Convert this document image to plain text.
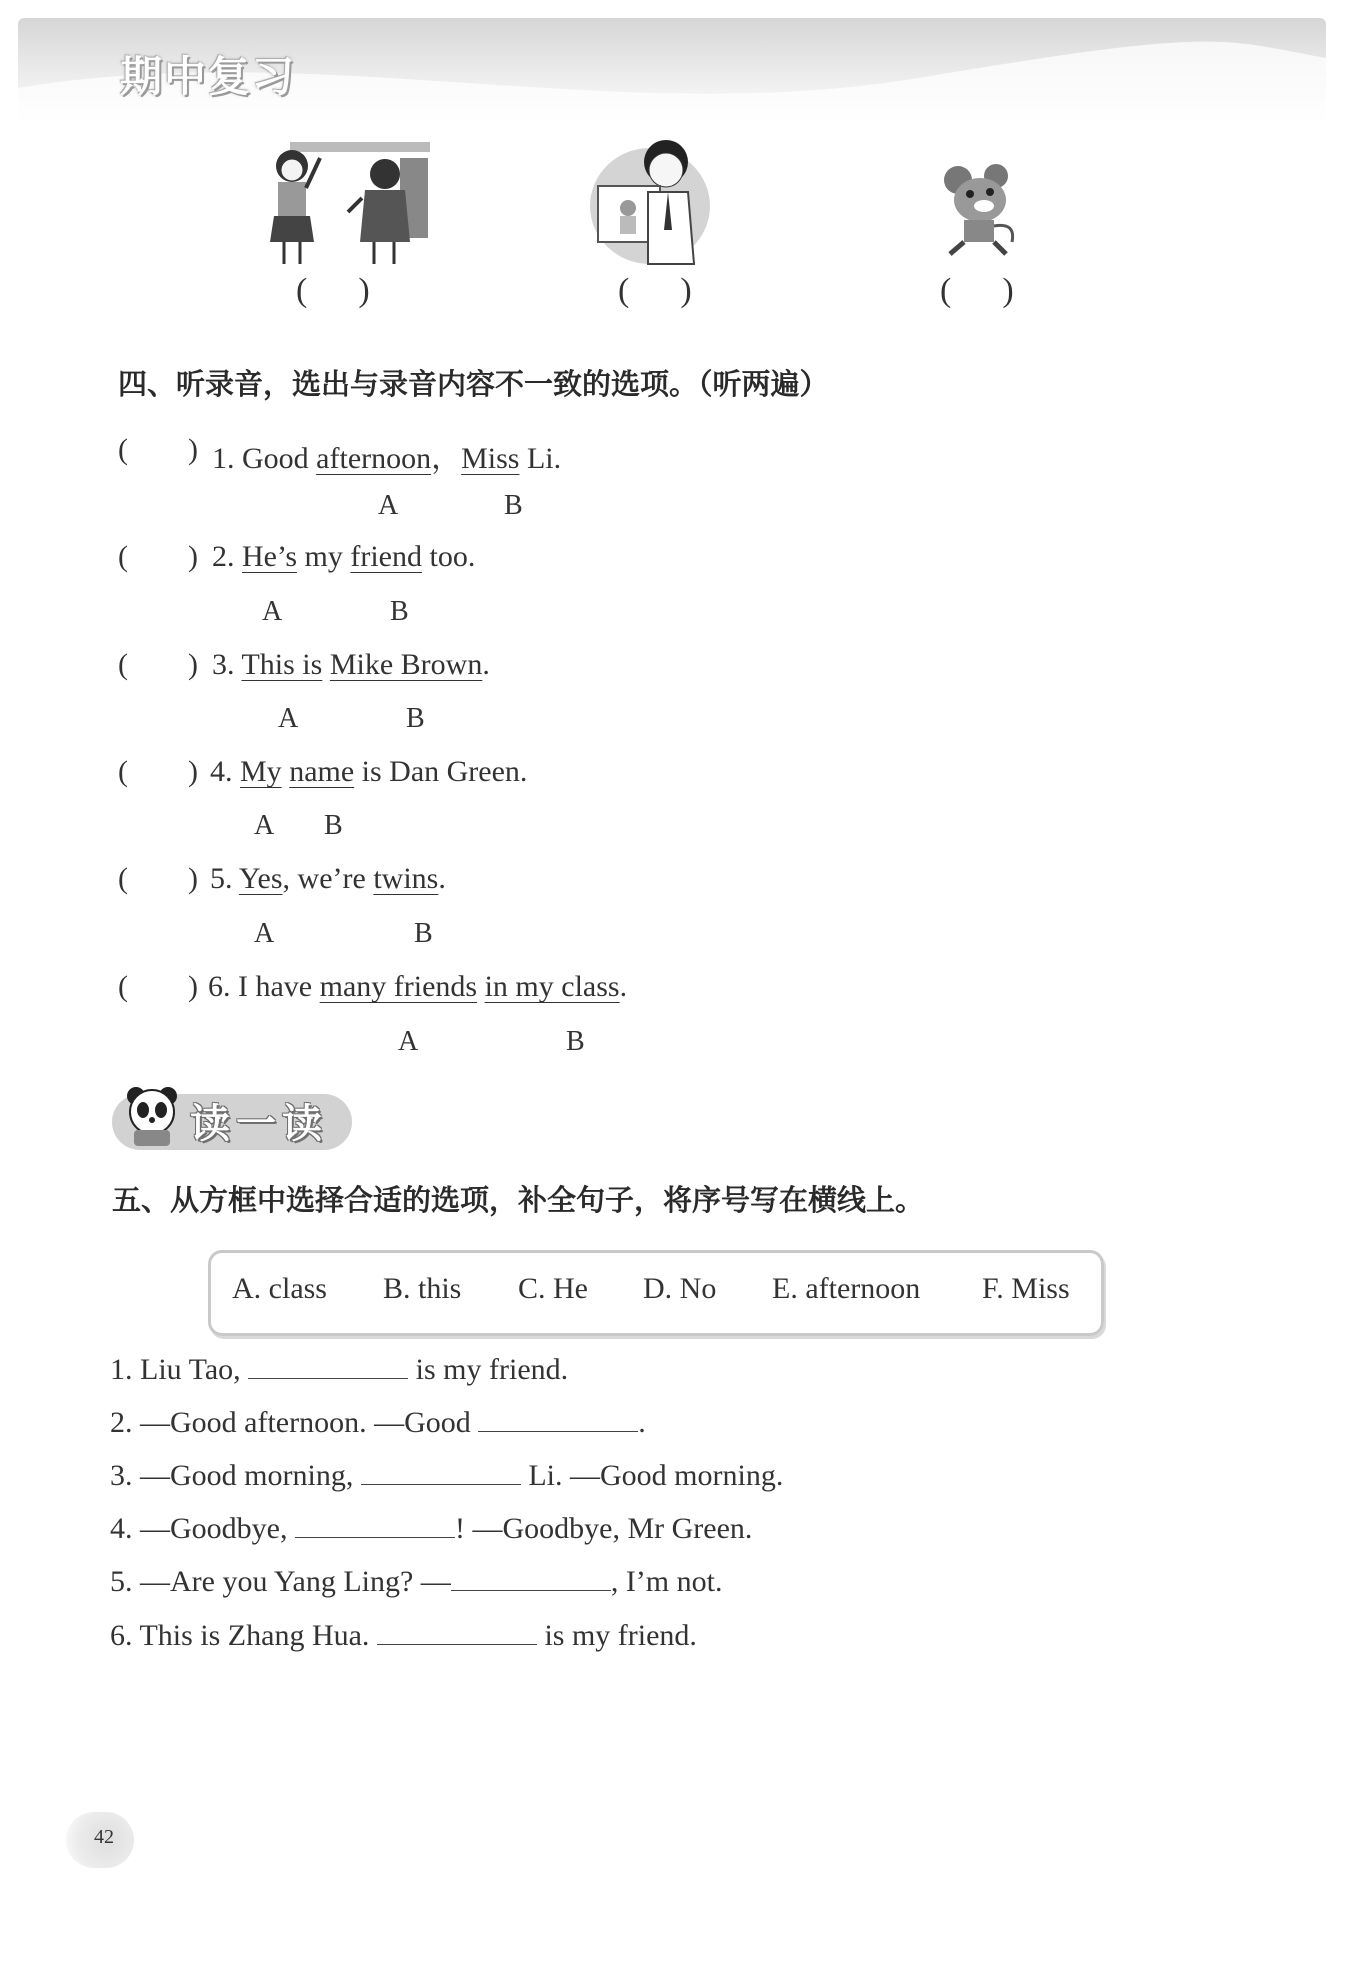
期中复习
(      )	(      )	(      )
四、听录音，选出与录音内容不一致的选项。（听两遍）
(        ) 1. Good afternoon，Miss Li.
A	B
(        ) 2. He’s my friend too.
A	B
(        ) 3. This is Mike Brown.
A	B
(        ) 4. My name is Dan Green.
A B
(        ) 5. Yes, we’re twins.
A	B
(        ) 6. I have many friends in my class.
A	B
读一读
五、从方框中选择合适的选项，补全句子，将序号写在横线上。
A. class B. this C. He D. No E. afternoon F. Miss
1. Liu Tao,	is my friend.
2. —Good afternoon. —Good	.
3. —Good morning,	Li. —Good morning.
4. —Goodbye,	! —Goodbye, Mr Green.
5. —Are you Yang Ling? —	, I’m not.
6. This is Zhang Hua.	is my friend.
42
